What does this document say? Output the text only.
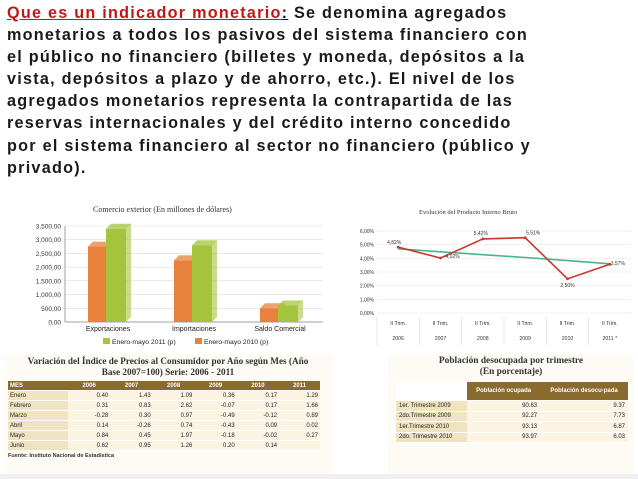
Que es un indicador monetario: Se denomina agregados
monetarios a todos los pasivos del sistema financiero con
el público no financiero (billetes y moneda, depósitos a la
vista, depósitos a plazo y de ahorro, etc.). El nivel de los
agregados monetarios representa la contrapartida de las
reservas internacionales y del crédito interno concedido
por el sistema financiero al sector no financiero (público y
privado).
Comercio exterior (En millones de dólares)
3,500,00
3,000,00
2,500,00
2,000,00
1,500,00
1,000,00
500,00
0,00
Exportaciones	Importaciones	Saldo Comercial
Enero-mayo 2011 (p)	Enero-mayo 2010 (p)
Evolución del Producto Interno Bruto
6,00%
5,00%
4,00%
3,00%
2,00%
1,00%
0,00%
II Trim.
2006
II Trim.
2007
II Trim.
2008
II Trim.
2009
II Trim.
2010
II Trim.
2011 *
4,82%
4,02%
5,42%	5,51%
2,50%
3,57%
Variación del Índice de Precios al Consumidor por Año según Mes (Año
Base 2007=100) Serie: 2006 - 2011
MES	2006	2007	2008	2009	2010	2011
Enero	0.40	1.43	1.09	0.36	0.17	1.29
Febrero	0.31	0.83	2.62	-0.07	0.17	1.66
Marzo	-0.28	0.30	0.97	-0.49	-0.12	0.89
Abril	0.14	-0.26	0.74	-0.43	0.09	0.02
Mayo	0.84	0.45	1.97	-0.18	-0.02	0.27
Junio	0.62	0.95	1.26	0.20	0.14	
Fuente: Instituto Nacional de Estadística
Población desocupada por trimestre
(En porcentaje)
	Población ocupada	Población desocu-pada
1er. Trimestre 2009	90.63	9.37
2do.Trimestre 2009	92.27	7.73
1er.Trimestre 2010	93.13	6.87
2do. Trimestre 2010	93.97	6.03
